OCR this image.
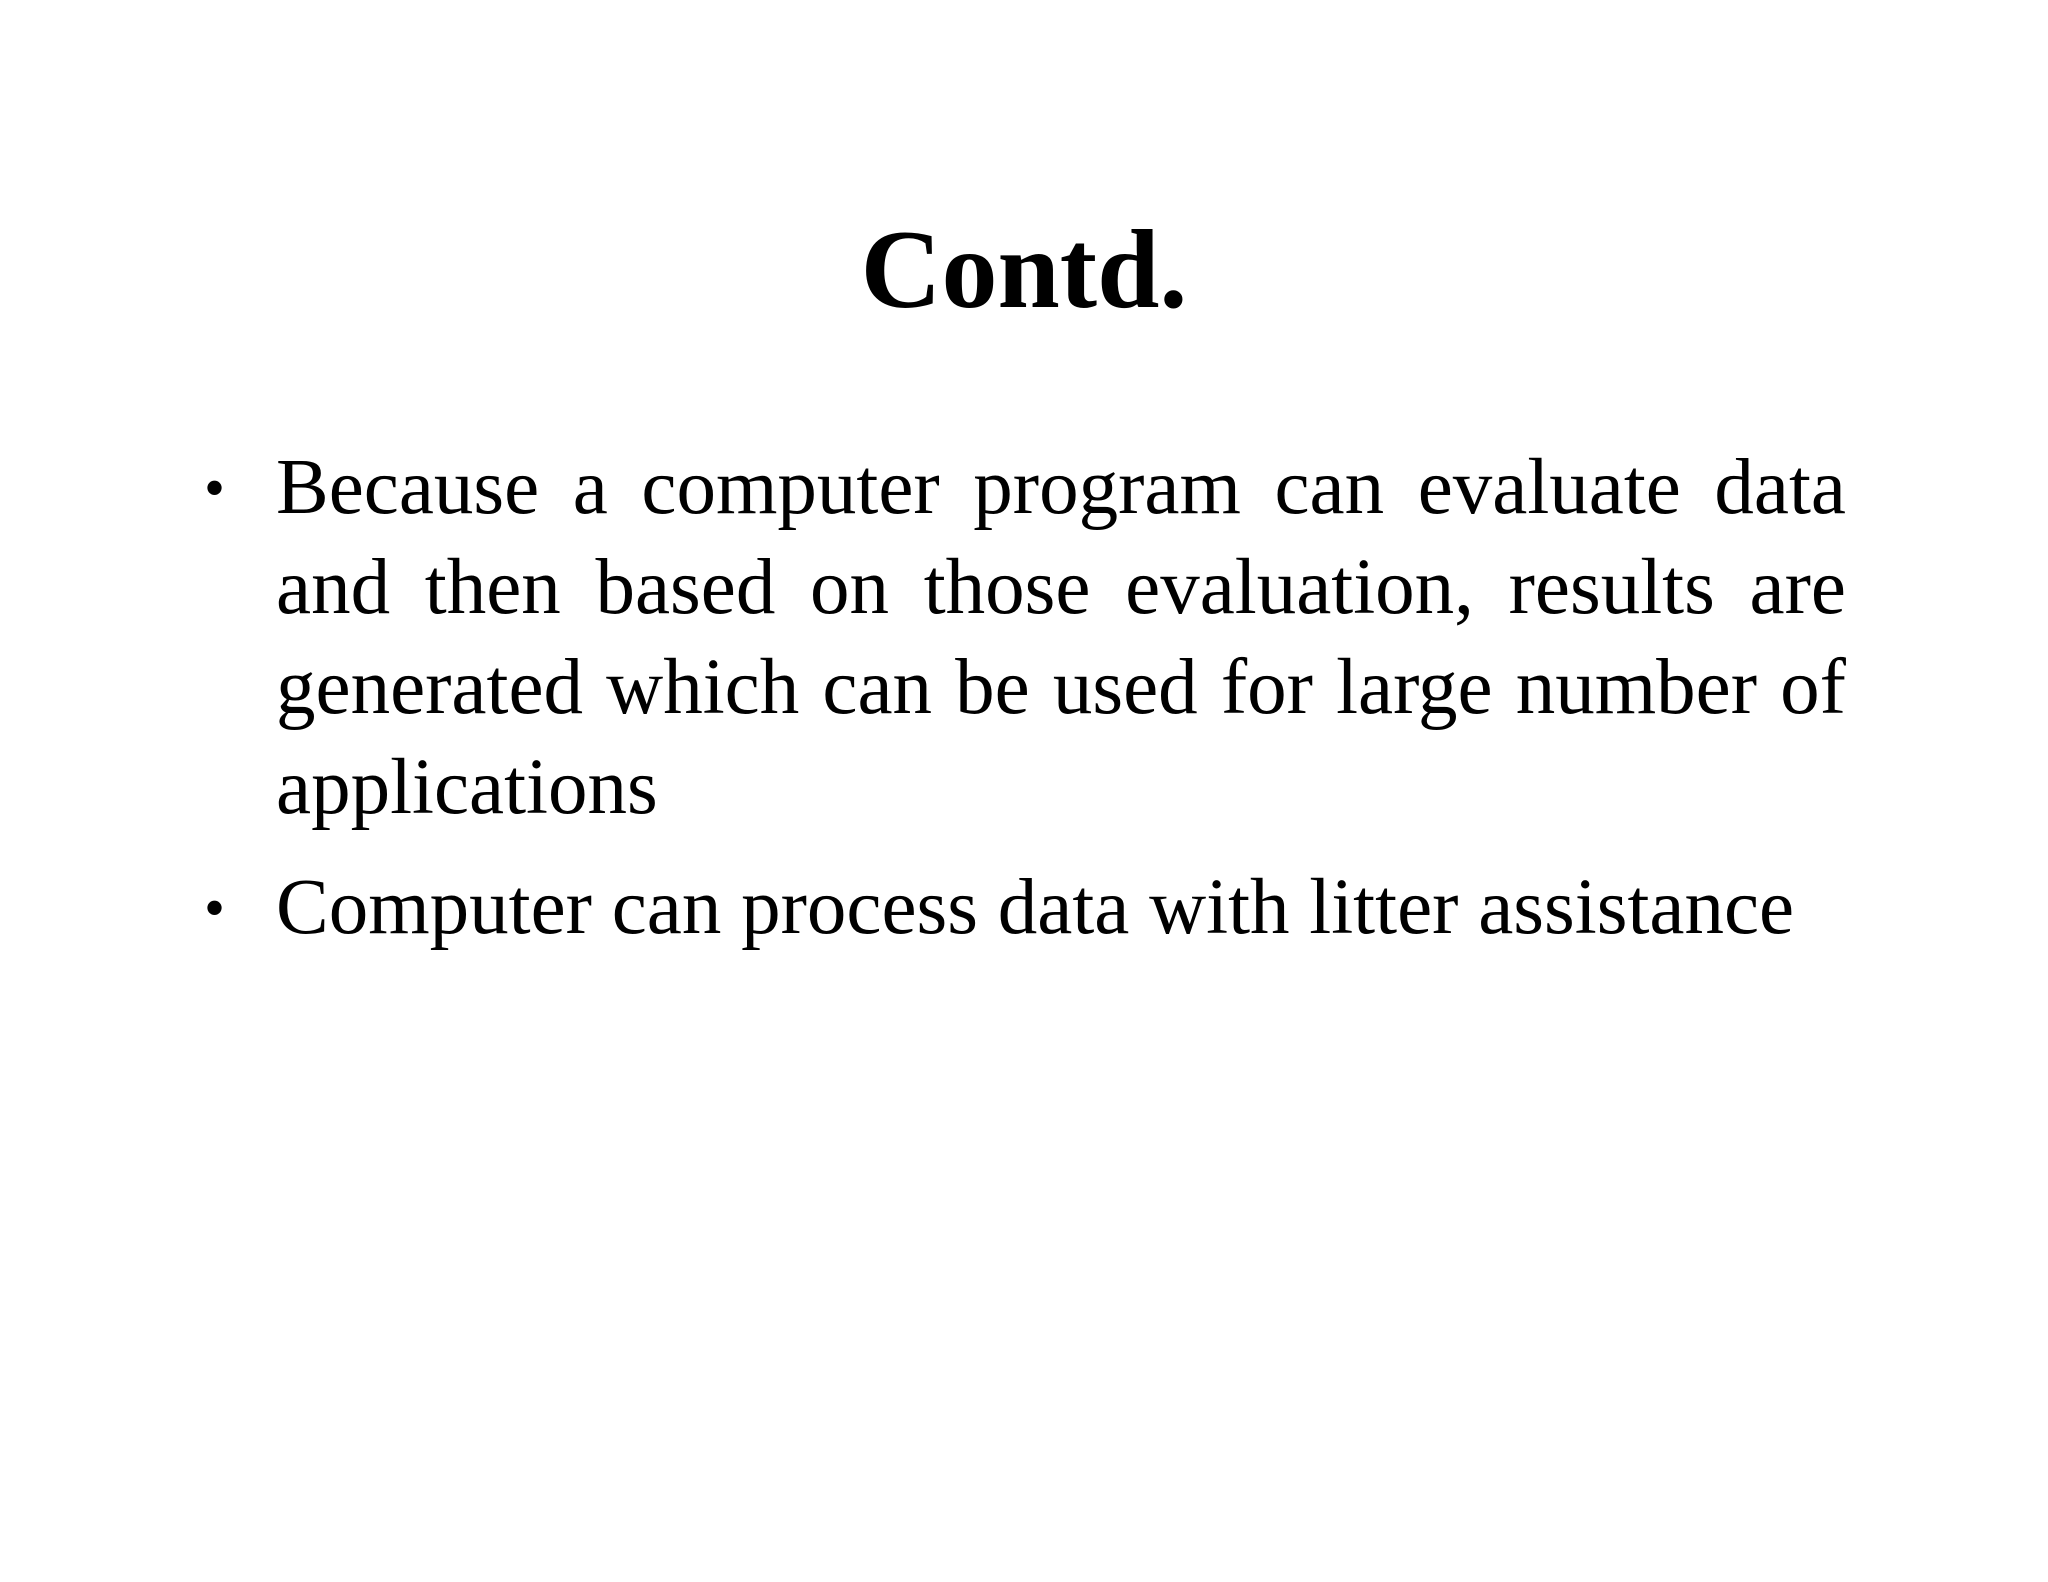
Contd.
• Because a computer program can evaluate data and then based on those evaluation, results are generated which can be used for large number of applications
• Computer can process data with litter assistance
